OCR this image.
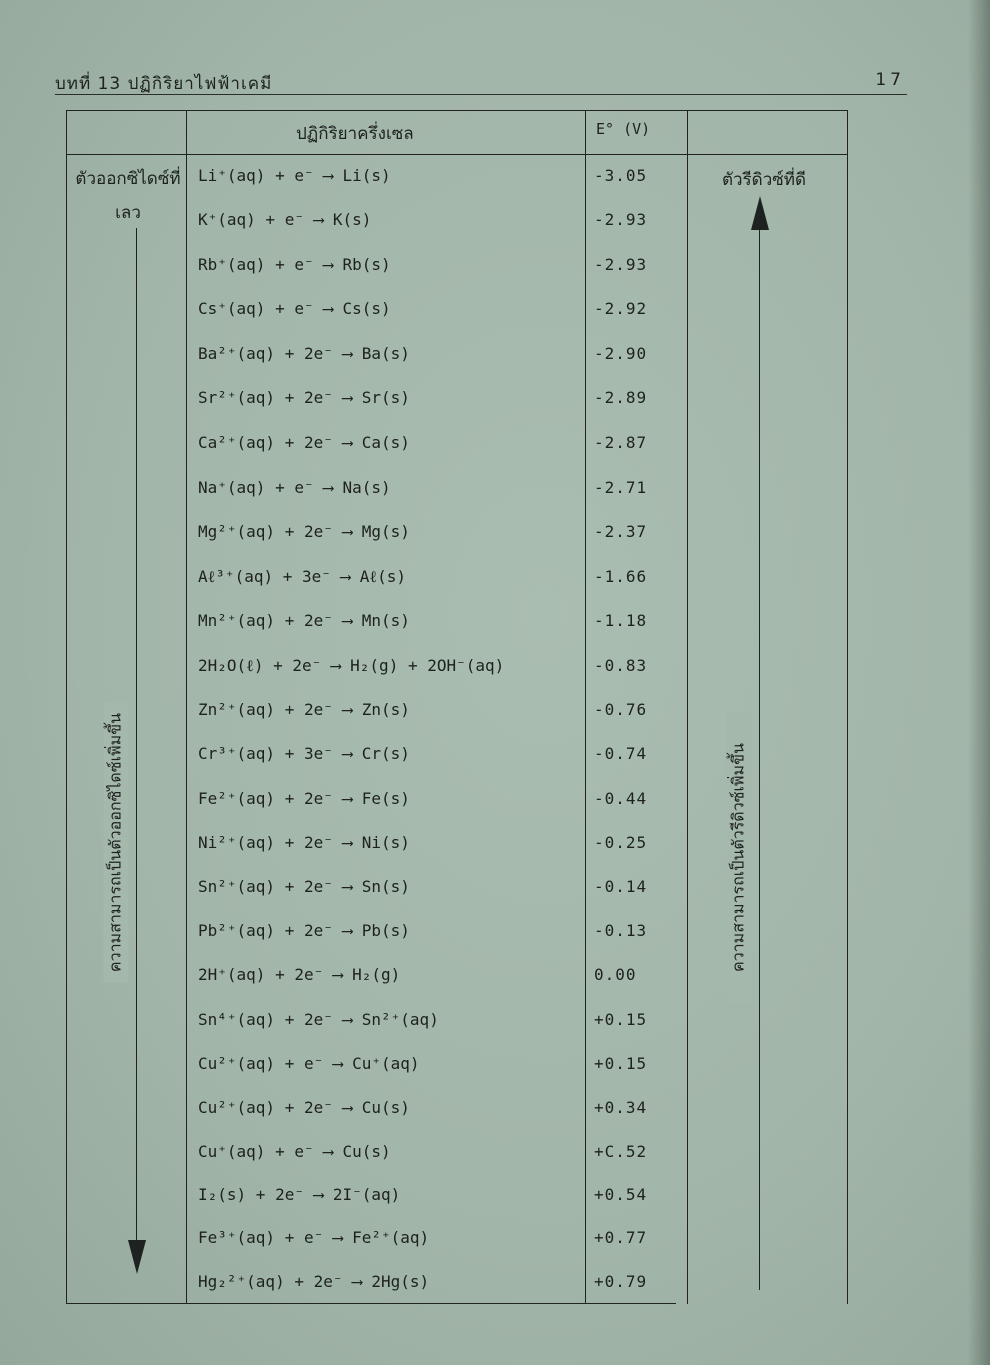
บทที่ 13 ปฏิกิริยาไฟฟ้าเคมี	17
ปฏิกิริยาครึ่งเซล	E° (V)
ตัวออกซิไดซ์ที่เลว
ความสามารถเป็นตัวออกซิไดซ์เพิ่มขึ้น
ตัวรีดิวซ์ที่ดี
ความสามารถเป็นตัวรีดิวซ์เพิ่มขึ้น
Li⁺(aq) + e⁻ ⟶ Li(s)	-3.05
K⁺(aq) + e⁻ ⟶ K(s)	-2.93
Rb⁺(aq) + e⁻ ⟶ Rb(s)	-2.93
Cs⁺(aq) + e⁻ ⟶ Cs(s)	-2.92
Ba²⁺(aq) + 2e⁻ ⟶ Ba(s)	-2.90
Sr²⁺(aq) + 2e⁻ ⟶ Sr(s)	-2.89
Ca²⁺(aq) + 2e⁻ ⟶ Ca(s)	-2.87
Na⁺(aq) + e⁻ ⟶ Na(s)	-2.71
Mg²⁺(aq) + 2e⁻ ⟶ Mg(s)	-2.37
Aℓ³⁺(aq) + 3e⁻ ⟶ Aℓ(s)	-1.66
Mn²⁺(aq) + 2e⁻ ⟶ Mn(s)	-1.18
2H₂O(ℓ) + 2e⁻ ⟶ H₂(g) + 2OH⁻(aq)	-0.83
Zn²⁺(aq) + 2e⁻ ⟶ Zn(s)	-0.76
Cr³⁺(aq) + 3e⁻ ⟶ Cr(s)	-0.74
Fe²⁺(aq) + 2e⁻ ⟶ Fe(s)	-0.44
Ni²⁺(aq) + 2e⁻ ⟶ Ni(s)	-0.25
Sn²⁺(aq) + 2e⁻ ⟶ Sn(s)	-0.14
Pb²⁺(aq) + 2e⁻ ⟶ Pb(s)	-0.13
2H⁺(aq) + 2e⁻ ⟶ H₂(g)	0.00
Sn⁴⁺(aq) + 2e⁻ ⟶ Sn²⁺(aq)	+0.15
Cu²⁺(aq) + e⁻ ⟶ Cu⁺(aq)	+0.15
Cu²⁺(aq) + 2e⁻ ⟶ Cu(s)	+0.34
Cu⁺(aq) + e⁻ ⟶ Cu(s)	+C.52
I₂(s) + 2e⁻ ⟶ 2I⁻(aq)	+0.54
Fe³⁺(aq) + e⁻ ⟶ Fe²⁺(aq)	+0.77
Hg₂²⁺(aq) + 2e⁻ ⟶ 2Hg(s)	+0.79
